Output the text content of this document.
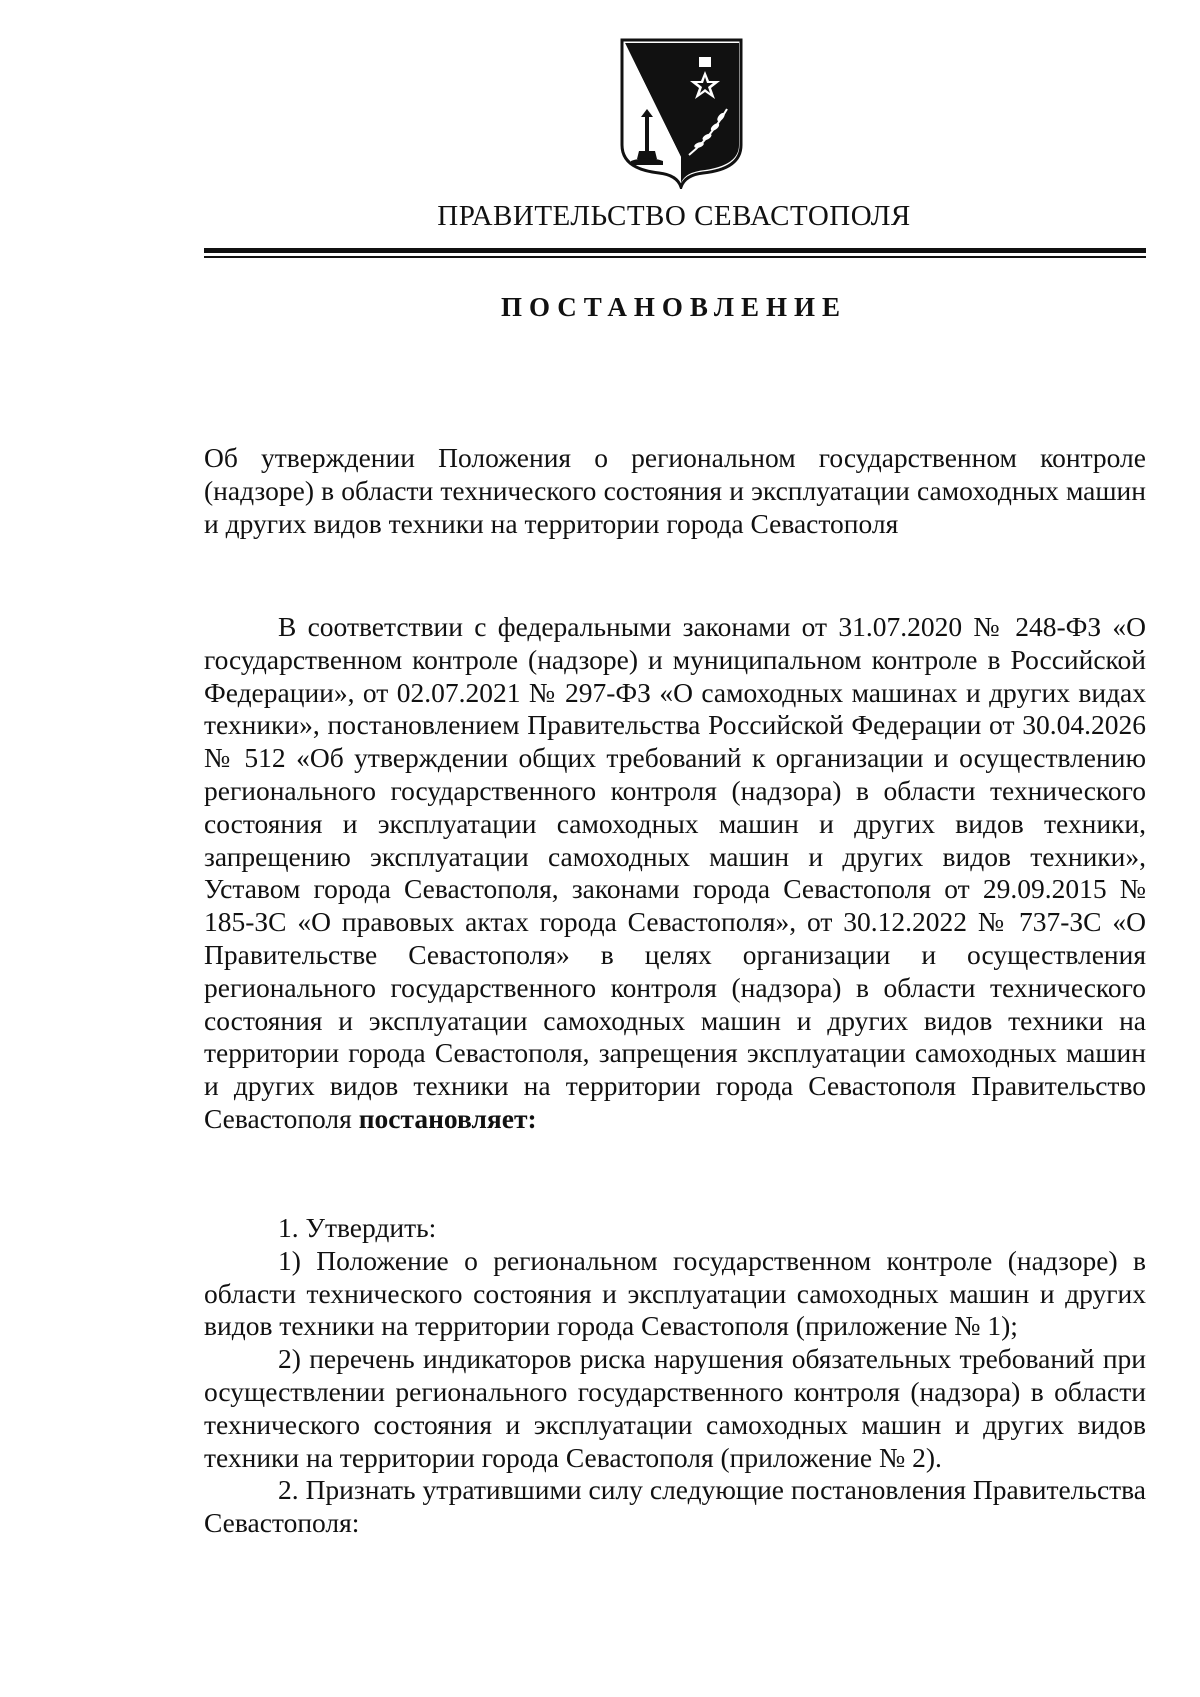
ПРАВИТЕЛЬСТВО СЕВАСТОПОЛЯ
ПОСТАНОВЛЕНИЕ
Об утверждении Положения о региональном государственном контроле (надзоре) в области технического состояния и эксплуатации самоходных машин и других видов техники на территории города Севастополя
В соответствии с федеральными законами от 31.07.2020 № 248-ФЗ «О государственном контроле (надзоре) и муниципальном контроле в Российской Федерации», от 02.07.2021 № 297-ФЗ «О самоходных машинах и других видах техники», постановлением Правительства Российской Федерации от 30.04.2026 № 512 «Об утверждении общих требований к организации и осуществлению регионального государственного контроля (надзора) в области технического состояния и эксплуатации самоходных машин и других видов техники, запрещению эксплуатации самоходных машин и других видов техники», Уставом города Севастополя, законами города Севастополя от 29.09.2015 № 185-ЗС «О правовых актах города Севастополя», от 30.12.2022 № 737-ЗС «О Правительстве Севастополя» в целях организации и осуществления регионального государственного контроля (надзора) в области технического состояния и эксплуатации самоходных машин и других видов техники на территории города Севастополя, запрещения эксплуатации самоходных машин и других видов техники на территории города Севастополя Правительство Севастополя постановляет:

1. Утвердить:

1) Положение о региональном государственном контроле (надзоре) в области технического состояния и эксплуатации самоходных машин и других видов техники на территории города Севастополя (приложение № 1);

2) перечень индикаторов риска нарушения обязательных требований при осуществлении регионального государственного контроля (надзора) в области технического состояния и эксплуатации самоходных машин и других видов техники на территории города Севастополя (приложение № 2).

2. Признать утратившими силу следующие постановления Правительства Севастополя:
